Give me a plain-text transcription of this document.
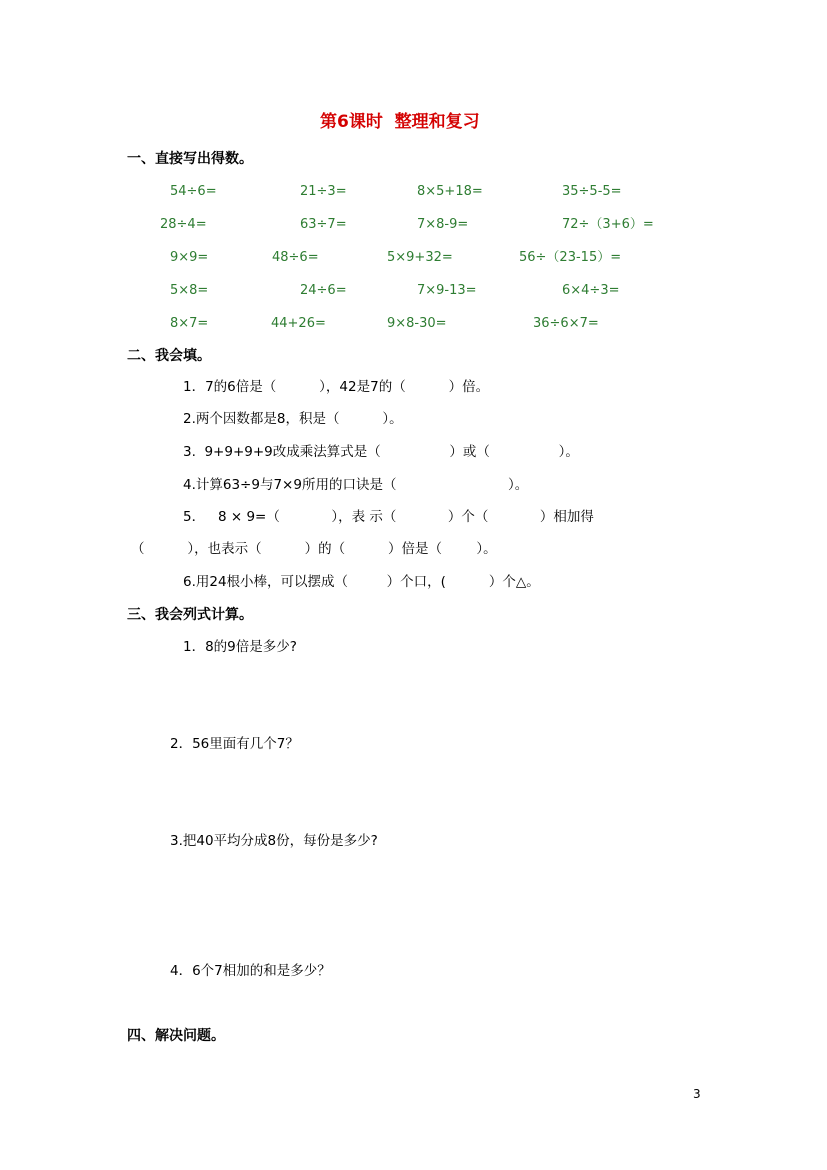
第6课时  整理和复习
一、直接写出得数。
54÷6=	21÷3=	8×5+18=	35÷5-5=
28÷4=	63÷7=	7×8-9=	72÷（3+6）=
9×9=	48÷6=	5×9+32=	56÷（23-15）=
5×8=	24÷6=	7×9-13=	6×4÷3=
8×7=	44+26=	9×8-30=	36÷6×7=
二、我会填。
1．7的6倍是（          ），42是7的（          ）倍。
2.两个因数都是8，积是（          ）。
3.  9+9+9+9改成乘法算式是（                ）或（                ）。
4.计算63÷9与7×9所用的口诀是（                          ）。
5．   8 × 9=（            ），表 示（            ）个（            ）相加得
（          ），也表示（          ）的（          ）倍是（        ）。
6.用24根小棒，可以摆成（         ）个口，(          ）个△。
三、我会列式计算。
1．8的9倍是多少?
2．56里面有几个7？
3.把40平均分成8份，每份是多少?
4．6个7相加的和是多少？
四、解决问题。
3
